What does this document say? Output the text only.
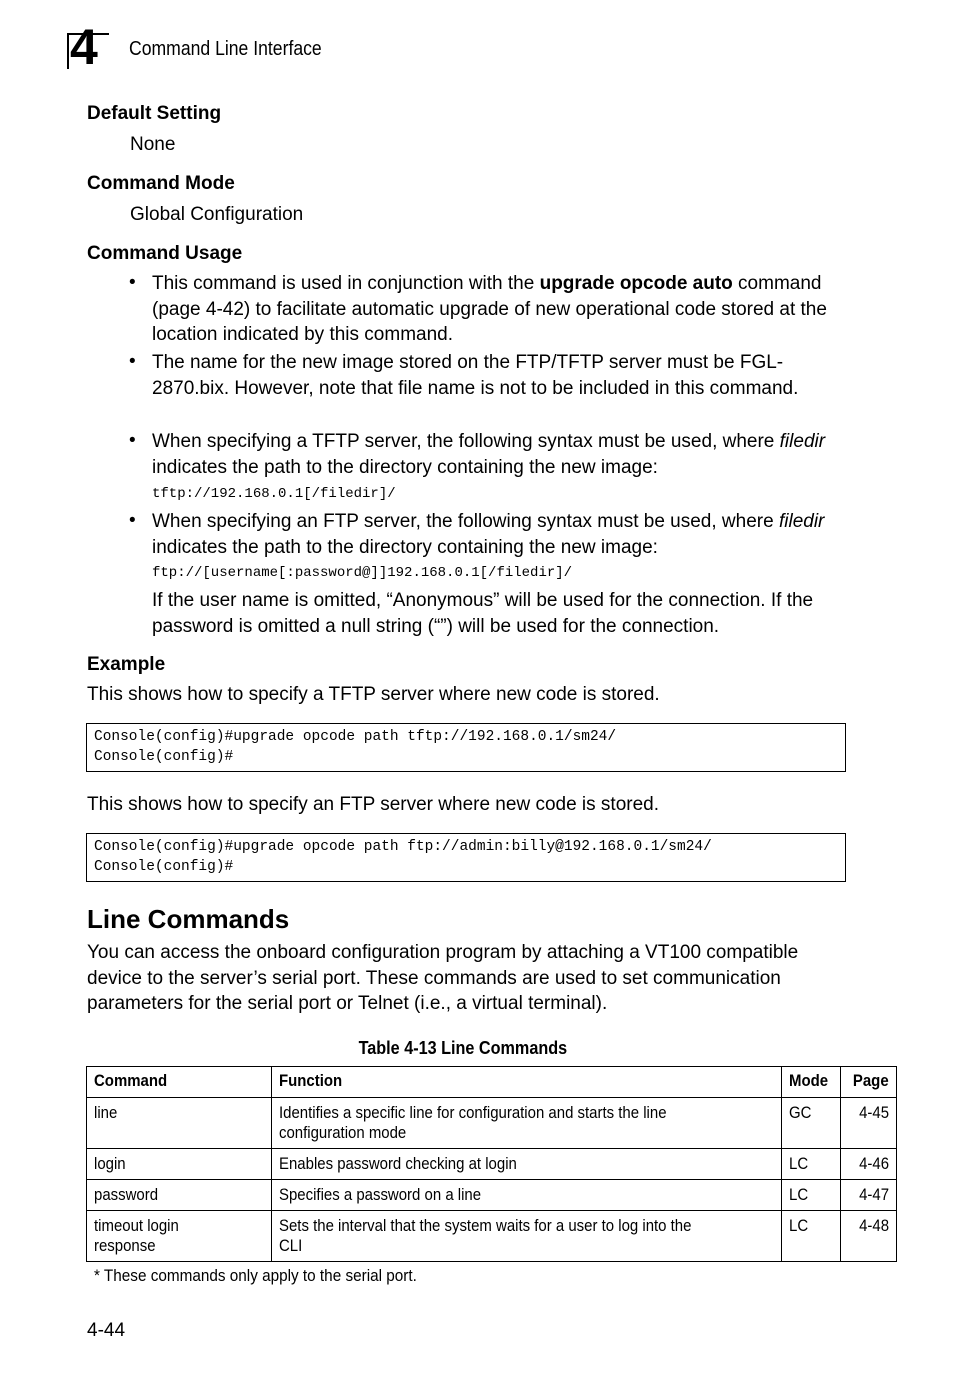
4 Command Line Interface
Default Setting
None
Command Mode
Global Configuration
Command Usage
• This command is used in conjunction with the upgrade opcode auto command (page 4-42) to facilitate automatic upgrade of new operational code stored at the location indicated by this command.
• The name for the new image stored on the FTP/TFTP server must be FGL-2870.bix. However, note that file name is not to be included in this command.
• When specifying a TFTP server, the following syntax must be used, where filedir indicates the path to the directory containing the new image:
tftp://192.168.0.1[/filedir]/
• When specifying an FTP server, the following syntax must be used, where filedir indicates the path to the directory containing the new image:
ftp://[username[:password@]]192.168.0.1[/filedir]/
If the user name is omitted, “Anonymous” will be used for the connection. If the password is omitted a null string (“”) will be used for the connection.
Example
This shows how to specify a TFTP server where new code is stored.
Console(config)#upgrade opcode path tftp://192.168.0.1/sm24/
Console(config)#
This shows how to specify an FTP server where new code is stored.
Console(config)#upgrade opcode path ftp://admin:billy@192.168.0.1/sm24/
Console(config)#
Line Commands
You can access the onboard configuration program by attaching a VT100 compatible device to the server’s serial port. These commands are used to set communication parameters for the serial port or Telnet (i.e., a virtual terminal).
Table 4-13 Line Commands
Command	Function	Mode	Page
line	Identifies a specific line for configuration and starts the line configuration mode	GC	4-45
login	Enables password checking at login	LC	4-46
password	Specifies a password on a line	LC	4-47

timeout login response	Sets the interval that the system waits for a user to log into the CLI	LC	4-48
* These commands only apply to the serial port.
4-44
